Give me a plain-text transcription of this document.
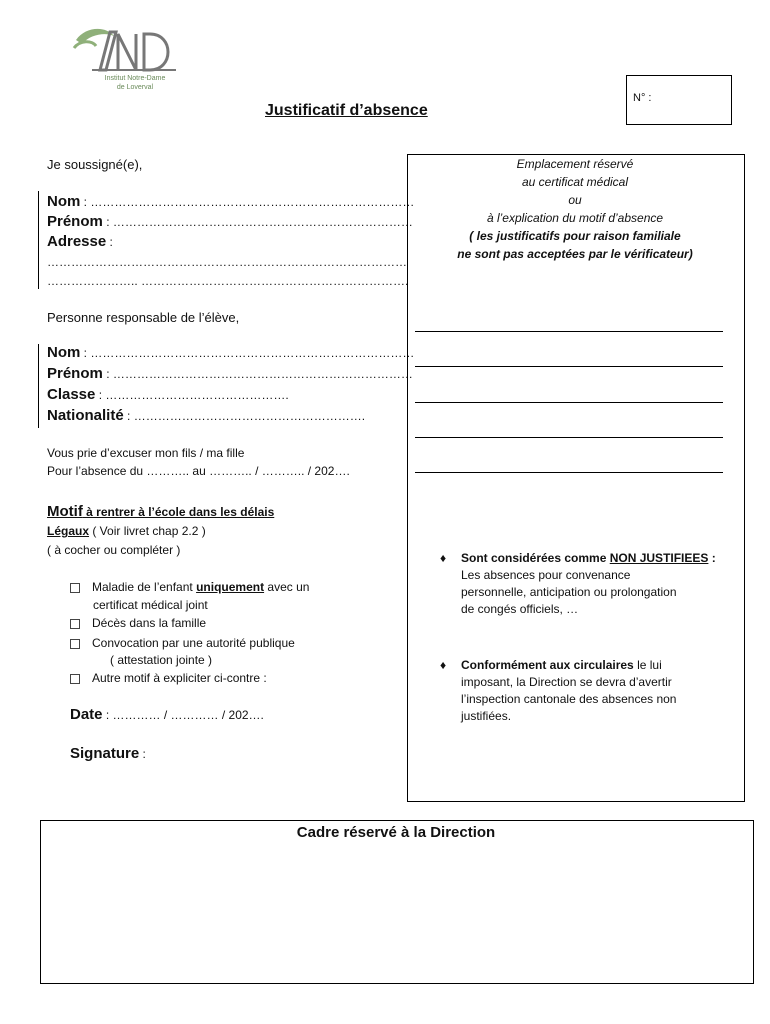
Institut Notre-Dame
de Loverval
Justificatif d’absence
N° :
Je soussigné(e),
Nom : ………………………………………………………………………
Prénom : …………………………………………………………………
Adresse :
………………………………………………………………………………
………………….. ………………………………………………………….
Personne responsable de l’élève,
Nom : ………………………………………………………………………
Prénom : …………………………………………………………………
Classe : ……………………………………….
Nationalité : ………………………………………………….
Vous prie d’excuser mon fils / ma fille
Pour l’absence du ……….. au ……….. / ……….. / 202….
Motif à rentrer à l’école dans les délais
Légaux ( Voir livret chap 2.2 )
( à cocher ou compléter )
Maladie de l’enfant uniquement avec un
certificat médical joint
Décès dans la famille
Convocation par une autorité publique
( attestation jointe )
Autre motif à expliciter ci-contre :
Date : ………… / ………… / 202….
Signature :
Emplacement réservé
au certificat médical
ou
à l’explication du motif d’absence
( les justificatifs pour raison familiale
ne sont pas acceptées par le vérificateur)
♦ Sont considérées comme NON JUSTIFIEES :
Les absences pour convenance
personnelle, anticipation ou prolongation
de congés officiels, …
♦ Conformément aux circulaires le lui
imposant, la Direction se devra d’avertir
l’inspection cantonale des absences non
justifiées.
Cadre réservé à la Direction
